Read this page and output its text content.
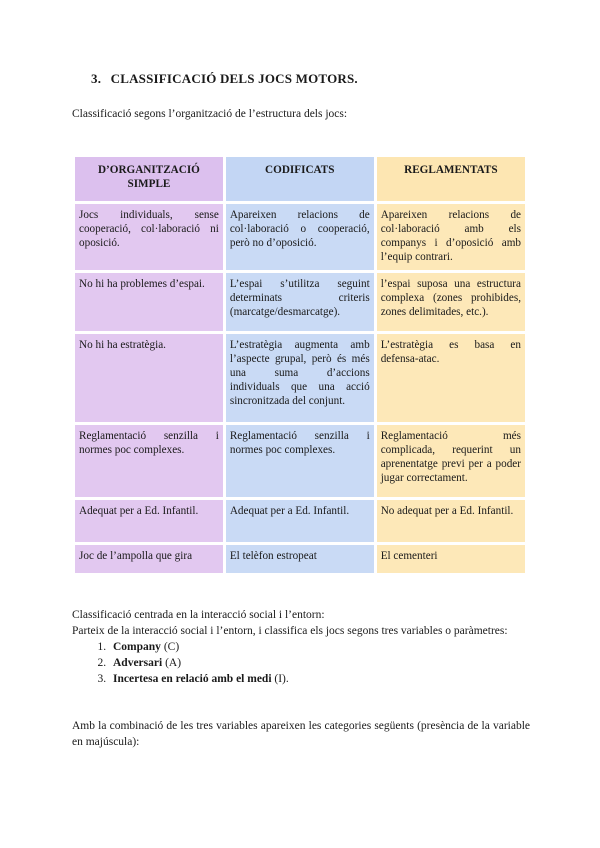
3. CLASSIFICACIÓ DELS JOCS MOTORS.
Classificació segons l’organització de l’estructura dels jocs:
D’ORGANITZACIÓ SIMPLE	CODIFICATS	REGLAMENTATS
Jocs individuals, sense cooperació, col·laboració ni oposició.	Apareixen relacions de col·laboració o cooperació, però no d’oposició.	Apareixen relacions de col·laboració amb els companys i d’oposició amb l’equip contrari.
No hi ha problemes d’espai.	L’espai s’utilitza seguint determinats criteris (marcatge/desmarcatge).	l’espai suposa una estructura complexa (zones prohibides, zones delimitades, etc.).
No hi ha estratègia.	L’estratègia augmenta amb l’aspecte grupal, però és més una suma d’accions individuals que una acció sincronitzada del conjunt.	L’estratègia es basa en defensa-atac.
Reglamentació senzilla i normes poc complexes.	Reglamentació senzilla i normes poc complexes.	Reglamentació més complicada, requerint un aprenentatge previ per a poder jugar correctament.
Adequat per a Ed. Infantil.	Adequat per a Ed. Infantil.	No adequat per a Ed. Infantil.
Joc de l’ampolla que gira	El telèfon estropeat	El cementeri

Classificació centrada en la interacció social i l’entorn:

Parteix de la interacció social i l’entorn, i classifica els jocs segons tres variables o paràmetres:

1. Company (C)
2. Adversari (A)
3. Incertesa en relació amb el medi (I).
Amb la combinació de les tres variables apareixen les categories següents (presència de la variable en majúscula):
